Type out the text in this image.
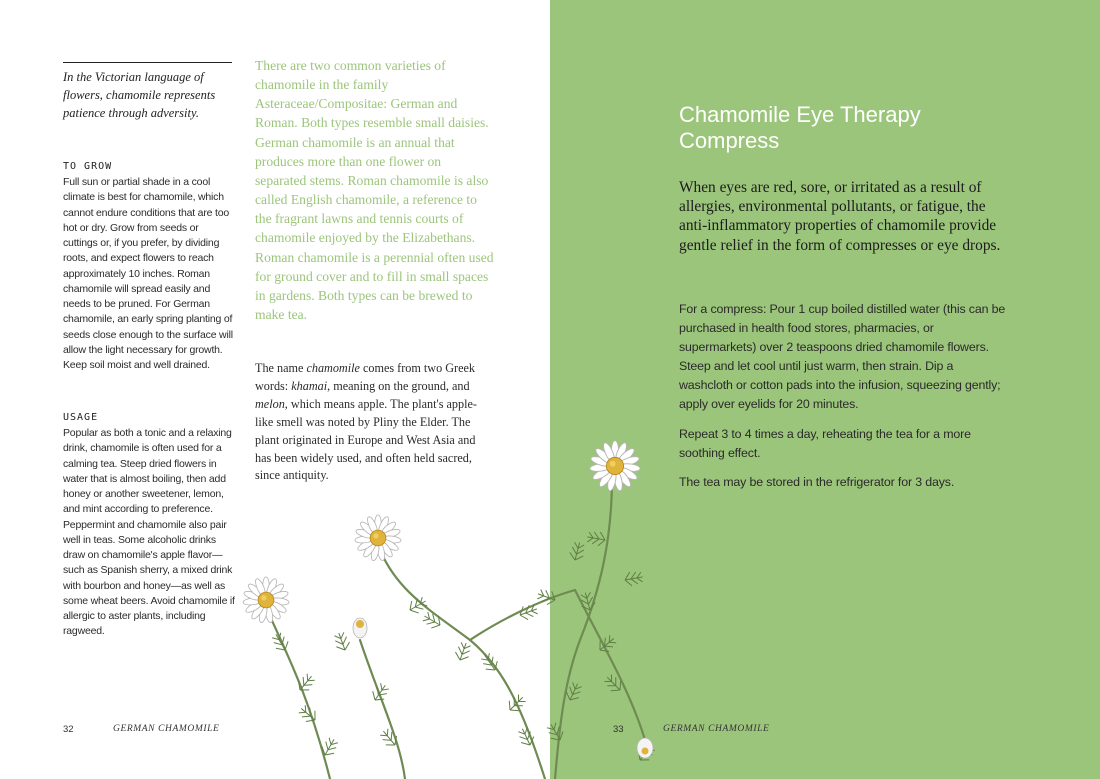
In the Victorian language of flowers, chamomile represents patience through adversity.

TO GROW

Full sun or partial shade in a cool climate is best for chamomile, which cannot endure conditions that are too hot or dry. Grow from seeds or cuttings or, if you prefer, by dividing roots, and expect flowers to reach approximately 10 inches. Roman chamomile will spread easily and needs to be pruned. For German chamomile, an early spring planting of seeds close enough to the surface will allow the light necessary for growth. Keep soil moist and well drained.

USAGE

Popular as both a tonic and a relaxing drink, chamomile is often used for a calming tea. Steep dried flowers in water that is almost boiling, then add honey or another sweetener, lemon, and mint according to preference. Peppermint and chamomile also pair well in teas. Some alcoholic drinks draw on chamomile's apple flavor—such as Spanish sherry, a mixed drink with bourbon and honey—as well as some wheat beers. Avoid chamomile if allergic to aster plants, including ragweed.

There are two common varieties of chamomile in the family Asteraceae/Compositae: German and Roman. Both types resemble small daisies. German chamomile is an annual that produces more than one flower on separated stems. Roman chamomile is also called English chamomile, a reference to the fragrant lawns and tennis courts of chamomile enjoyed by the Elizabethans. Roman chamomile is a perennial often used for ground cover and to fill in small spaces in gardens. Both types can be brewed to make tea.

The name chamomile comes from two Greek words: khamai, meaning on the ground, and melon, which means apple. The plant's apple-like smell was noted by Pliny the Elder. The plant originated in Europe and West Asia and has been widely used, and often held sacred, since antiquity.

32	GERMAN CHAMOMILE
Chamomile Eye Therapy Compress

When eyes are red, sore, or irritated as a result of allergies, environmental pollutants, or fatigue, the anti-inflammatory properties of chamomile provide gentle relief in the form of compresses or eye drops.

For a compress: Pour 1 cup boiled distilled water (this can be purchased in health food stores, pharmacies, or supermarkets) over 2 teaspoons dried chamomile flowers. Steep and let cool until just warm, then strain. Dip a washcloth or cotton pads into the infusion, squeezing gently; apply over eyelids for 20 minutes.

Repeat 3 to 4 times a day, reheating the tea for a more soothing effect.

The tea may be stored in the refrigerator for 3 days.

33	GERMAN CHAMOMILE
